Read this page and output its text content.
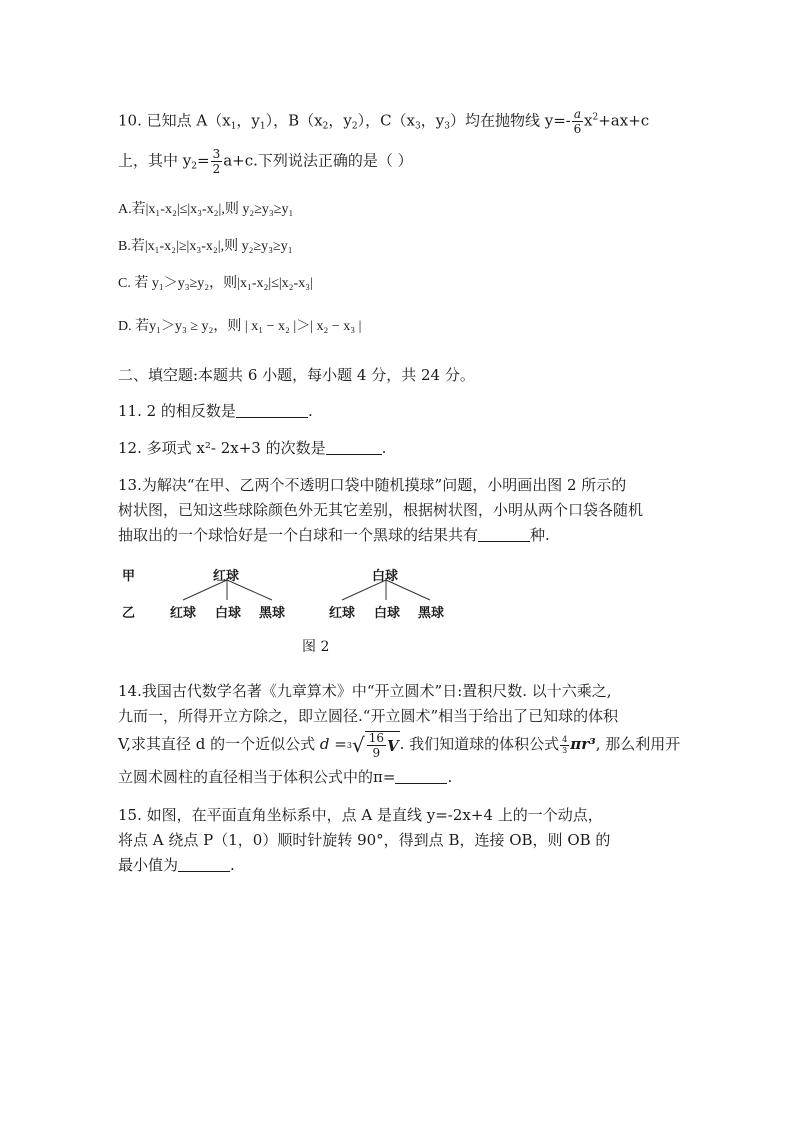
10. 已知点 $A(x_1$，$y_1$），$B(x_2$，$y_2$），$C(x_3$，$y_3$）均在抛物线 $y=- \frac{a}{6} x^2+ax+c$
上，其中 $y_2= \frac{3}{2} a+c$.下列说法正确的是（ ）
A.若|x₁-x₂|≤|x₃-x₂|,则 y₂≥y₃≥y₁
B.若|x₁-x₂|≥|x₃-x₂|,则 y₂≥y₃≥y₁
C. 若 y₁＞y₃≥y₂，则|x₁-x₂|≤|x₂-x₃|
D. 若y₁＞y₃ ≥ y₂，则 | x₁ − x₂ |＞| x₂ − x₃ |
二、填空题:本题共 6 小题，每小题 4 分，共 24 分。
11. 2 的相反数是	.
12. 多项式 x²- 2x+3 的次数是	.
13.为解决“在甲、乙两个不透明口袋中随机摸球”问题，小明画出图 2 所示的
树状图，已知这些球除颜色外无其它差别，根据树状图，小明从两个口袋各随机
抽取出的一个球恰好是一个白球和一个黑球的结果共有	种.
甲
乙
红球	白球
红球 白球 黑球	红球 白球 黑球
图 2
14.我国古代数学名著《九章算术》中“开立圆术”日:置积尺数. 以十六乘之,
九而一，所得开立方除之，即立圆径.“开立圆术”相当于给出了已知球的体积
V,求其直径 d 的一个近似公式 d = 3 √ $\frac{16}{9}$ V . 我们知道球的体积公式 $\frac{4}{3} \pi r^3$, 那么利用开
立圆术圆柱的直径相当于体积公式中的π=	.
15. 如图，在平面直角坐标系中，点 A 是直线 y=-2x+4 上的一个动点，
将点 A 绕点 P（1，0）顺时针旋转 90°，得到点 B，连接 OB，则 OB 的
最小值为	.
